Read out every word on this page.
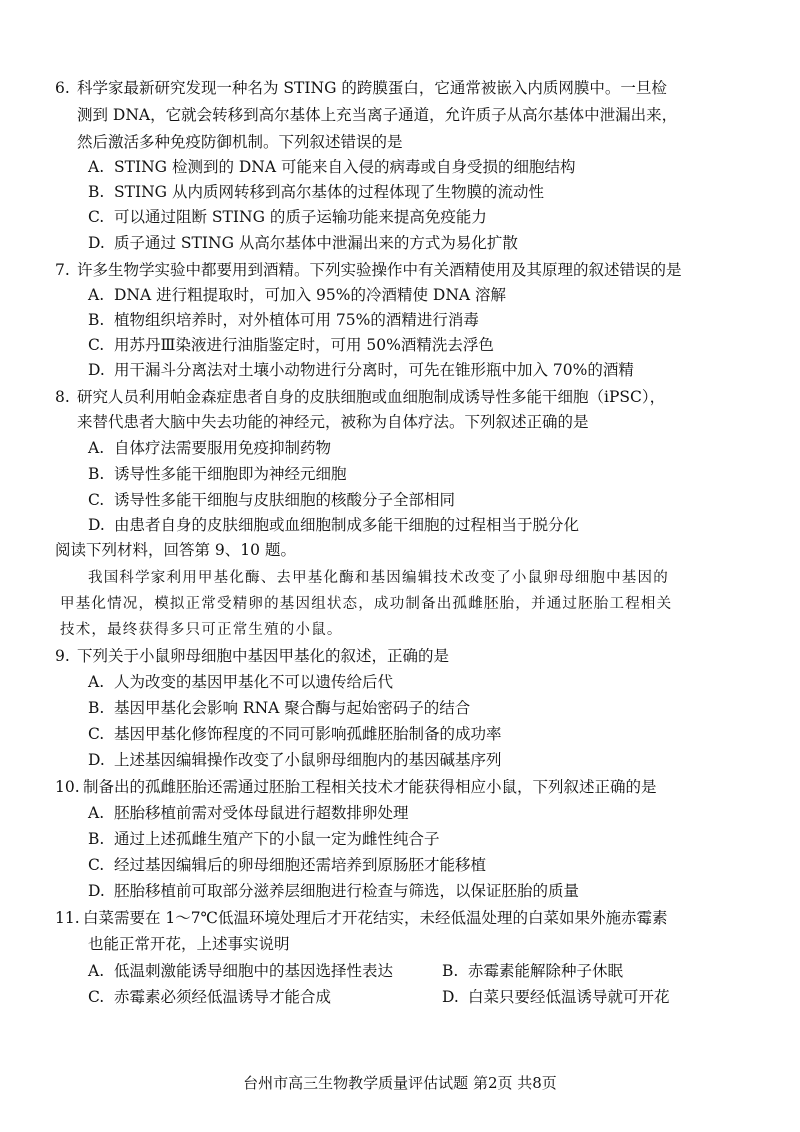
6. 科学家最新研究发现一种名为 STING 的跨膜蛋白，它通常被嵌入内质网膜中。一旦检
测到 DNA，它就会转移到高尔基体上充当离子通道，允许质子从高尔基体中泄漏出来，
然后激活多种免疫防御机制。下列叙述错误的是
A. STING 检测到的 DNA 可能来自入侵的病毒或自身受损的细胞结构
B. STING 从内质网转移到高尔基体的过程体现了生物膜的流动性
C. 可以通过阻断 STING 的质子运输功能来提高免疫能力
D. 质子通过 STING 从高尔基体中泄漏出来的方式为易化扩散
7. 许多生物学实验中都要用到酒精。下列实验操作中有关酒精使用及其原理的叙述错误的是
A. DNA 进行粗提取时，可加入 95%的冷酒精使 DNA 溶解
B. 植物组织培养时，对外植体可用 75%的酒精进行消毒
C. 用苏丹Ⅲ染液进行油脂鉴定时，可用 50%酒精洗去浮色
D. 用干漏斗分离法对土壤小动物进行分离时，可先在锥形瓶中加入 70%的酒精
8. 研究人员利用帕金森症患者自身的皮肤细胞或血细胞制成诱导性多能干细胞（iPSC），
来替代患者大脑中失去功能的神经元，被称为自体疗法。下列叙述正确的是
A. 自体疗法需要服用免疫抑制药物
B. 诱导性多能干细胞即为神经元细胞
C. 诱导性多能干细胞与皮肤细胞的核酸分子全部相同
D. 由患者自身的皮肤细胞或血细胞制成多能干细胞的过程相当于脱分化
阅读下列材料，回答第 9、10 题。
我国科学家利用甲基化酶、去甲基化酶和基因编辑技术改变了小鼠卵母细胞中基因的
甲基化情况，模拟正常受精卵的基因组状态，成功制备出孤雌胚胎，并通过胚胎工程相关
技术，最终获得多只可正常生殖的小鼠。
9. 下列关于小鼠卵母细胞中基因甲基化的叙述，正确的是
A. 人为改变的基因甲基化不可以遗传给后代
B. 基因甲基化会影响 RNA 聚合酶与起始密码子的结合
C. 基因甲基化修饰程度的不同可影响孤雌胚胎制备的成功率
D. 上述基因编辑操作改变了小鼠卵母细胞内的基因碱基序列
10. 制备出的孤雌胚胎还需通过胚胎工程相关技术才能获得相应小鼠，下列叙述正确的是
A. 胚胎移植前需对受体母鼠进行超数排卵处理
B. 通过上述孤雌生殖产下的小鼠一定为雌性纯合子
C. 经过基因编辑后的卵母细胞还需培养到原肠胚才能移植
D. 胚胎移植前可取部分滋养层细胞进行检查与筛选，以保证胚胎的质量
11. 白菜需要在 1～7℃低温环境处理后才开花结实，未经低温处理的白菜如果外施赤霉素
也能正常开花，上述事实说明
A. 低温刺激能诱导细胞中的基因选择性表达	B. 赤霉素能解除种子休眠
C. 赤霉素必须经低温诱导才能合成	D. 白菜只要经低温诱导就可开花
台州市高三生物教学质量评估试题 第2页 共8页
